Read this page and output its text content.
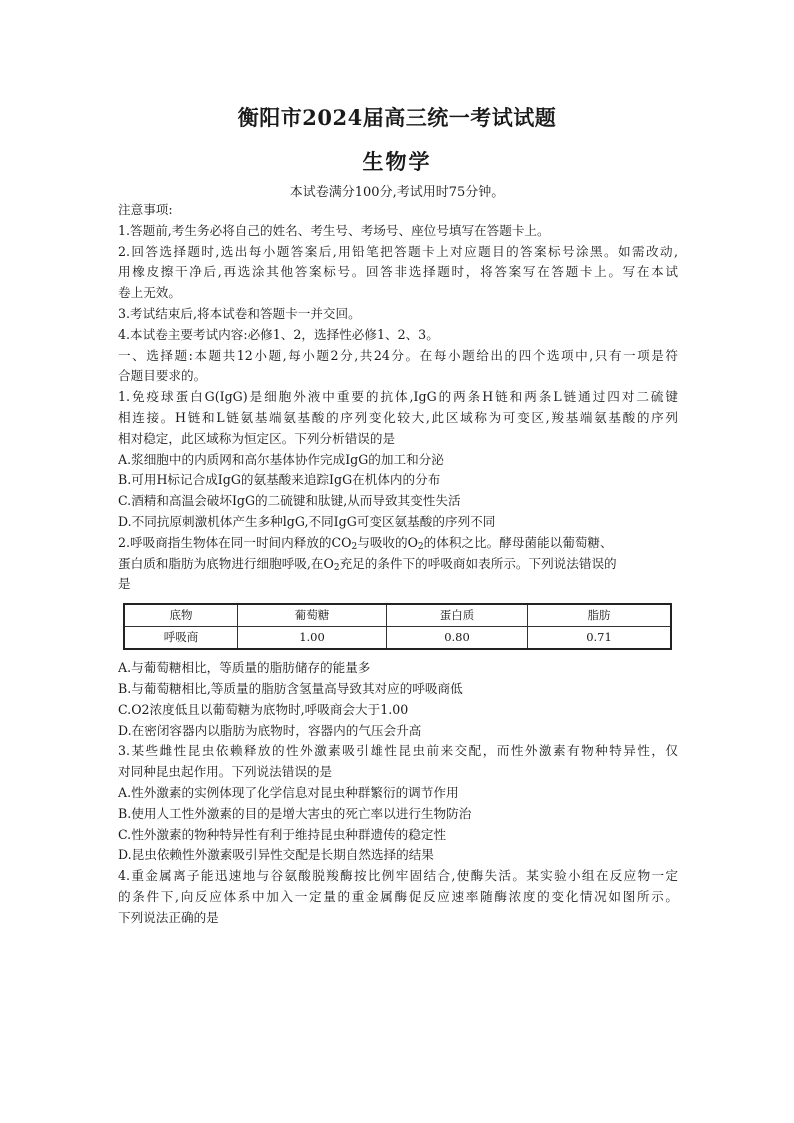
衡阳市2024届高三统一考试试题
生物学
本试卷满分100分,考试用时75分钟。
注意事项:
1.答题前,考生务必将自己的姓名、考生号、考场号、座位号填写在答题卡上。
2.回答选择题时,选出每小题答案后,用铅笔把答题卡上对应题目的答案标号涂黑。如需改动,
用橡皮擦干净后,再选涂其他答案标号。回答非选择题时，将答案写在答题卡上。写在本试
卷上无效。
3.考试结束后,将本试卷和答题卡一并交回。
4.本试卷主要考试内容:必修1、2，选择性必修1、2、3。
一、选择题:本题共12小题,每小题2分,共24分。在每小题给出的四个选项中,只有一项是符
合题目要求的。
1.免疫球蛋白G(IgG)是细胞外液中重要的抗体,IgG的两条H链和两条L链通过四对二硫键
相连接。H链和L链氨基端氨基酸的序列变化较大,此区域称为可变区,羧基端氨基酸的序列
相对稳定，此区域称为恒定区。下列分析错误的是
A.浆细胞中的内质网和高尔基体协作完成IgG的加工和分泌
B.可用H标记合成IgG的氨基酸来追踪IgG在机体内的分布
C.酒精和高温会破坏IgG的二硫键和肽键,从而导致其变性失活
D.不同抗原刺激机体产生多种lgG,不同IgG可变区氨基酸的序列不同
2.呼吸商指生物体在同一时间内释放的$CO_2$与吸收的$O_2$的体积之比。酵母菌能以葡萄糖、
蛋白质和脂肪为底物进行细胞呼吸,在$O_2$充足的条件下的呼吸商如表所示。下列说法错误的
是
底物	葡萄糖	蛋白质	脂肪
呼吸商	1.00	0.80	0.71
A.与葡萄糖相比，等质量的脂肪储存的能量多
B.与葡萄糖相比,等质量的脂肪含氢量高导致其对应的呼吸商低
C.O2浓度低且以葡萄糖为底物时,呼吸商会大于1.00
D.在密闭容器内以脂肪为底物时，容器内的气压会升高
3.某些雌性昆虫依赖释放的性外激素吸引雄性昆虫前来交配，而性外激素有物种特异性，仅
对同种昆虫起作用。下列说法错误的是
A.性外激素的实例体现了化学信息对昆虫种群繁衍的调节作用
B.使用人工性外激素的目的是增大害虫的死亡率以进行生物防治
C.性外激素的物种特异性有利于维持昆虫种群遗传的稳定性
D.昆虫依赖性外激素吸引异性交配是长期自然选择的结果
4.重金属离子能迅速地与谷氨酸脱羧酶按比例牢固结合,使酶失活。某实验小组在反应物一定
的条件下,向反应体系中加入一定量的重金属酶促反应速率随酶浓度的变化情况如图所示。
下列说法正确的是
